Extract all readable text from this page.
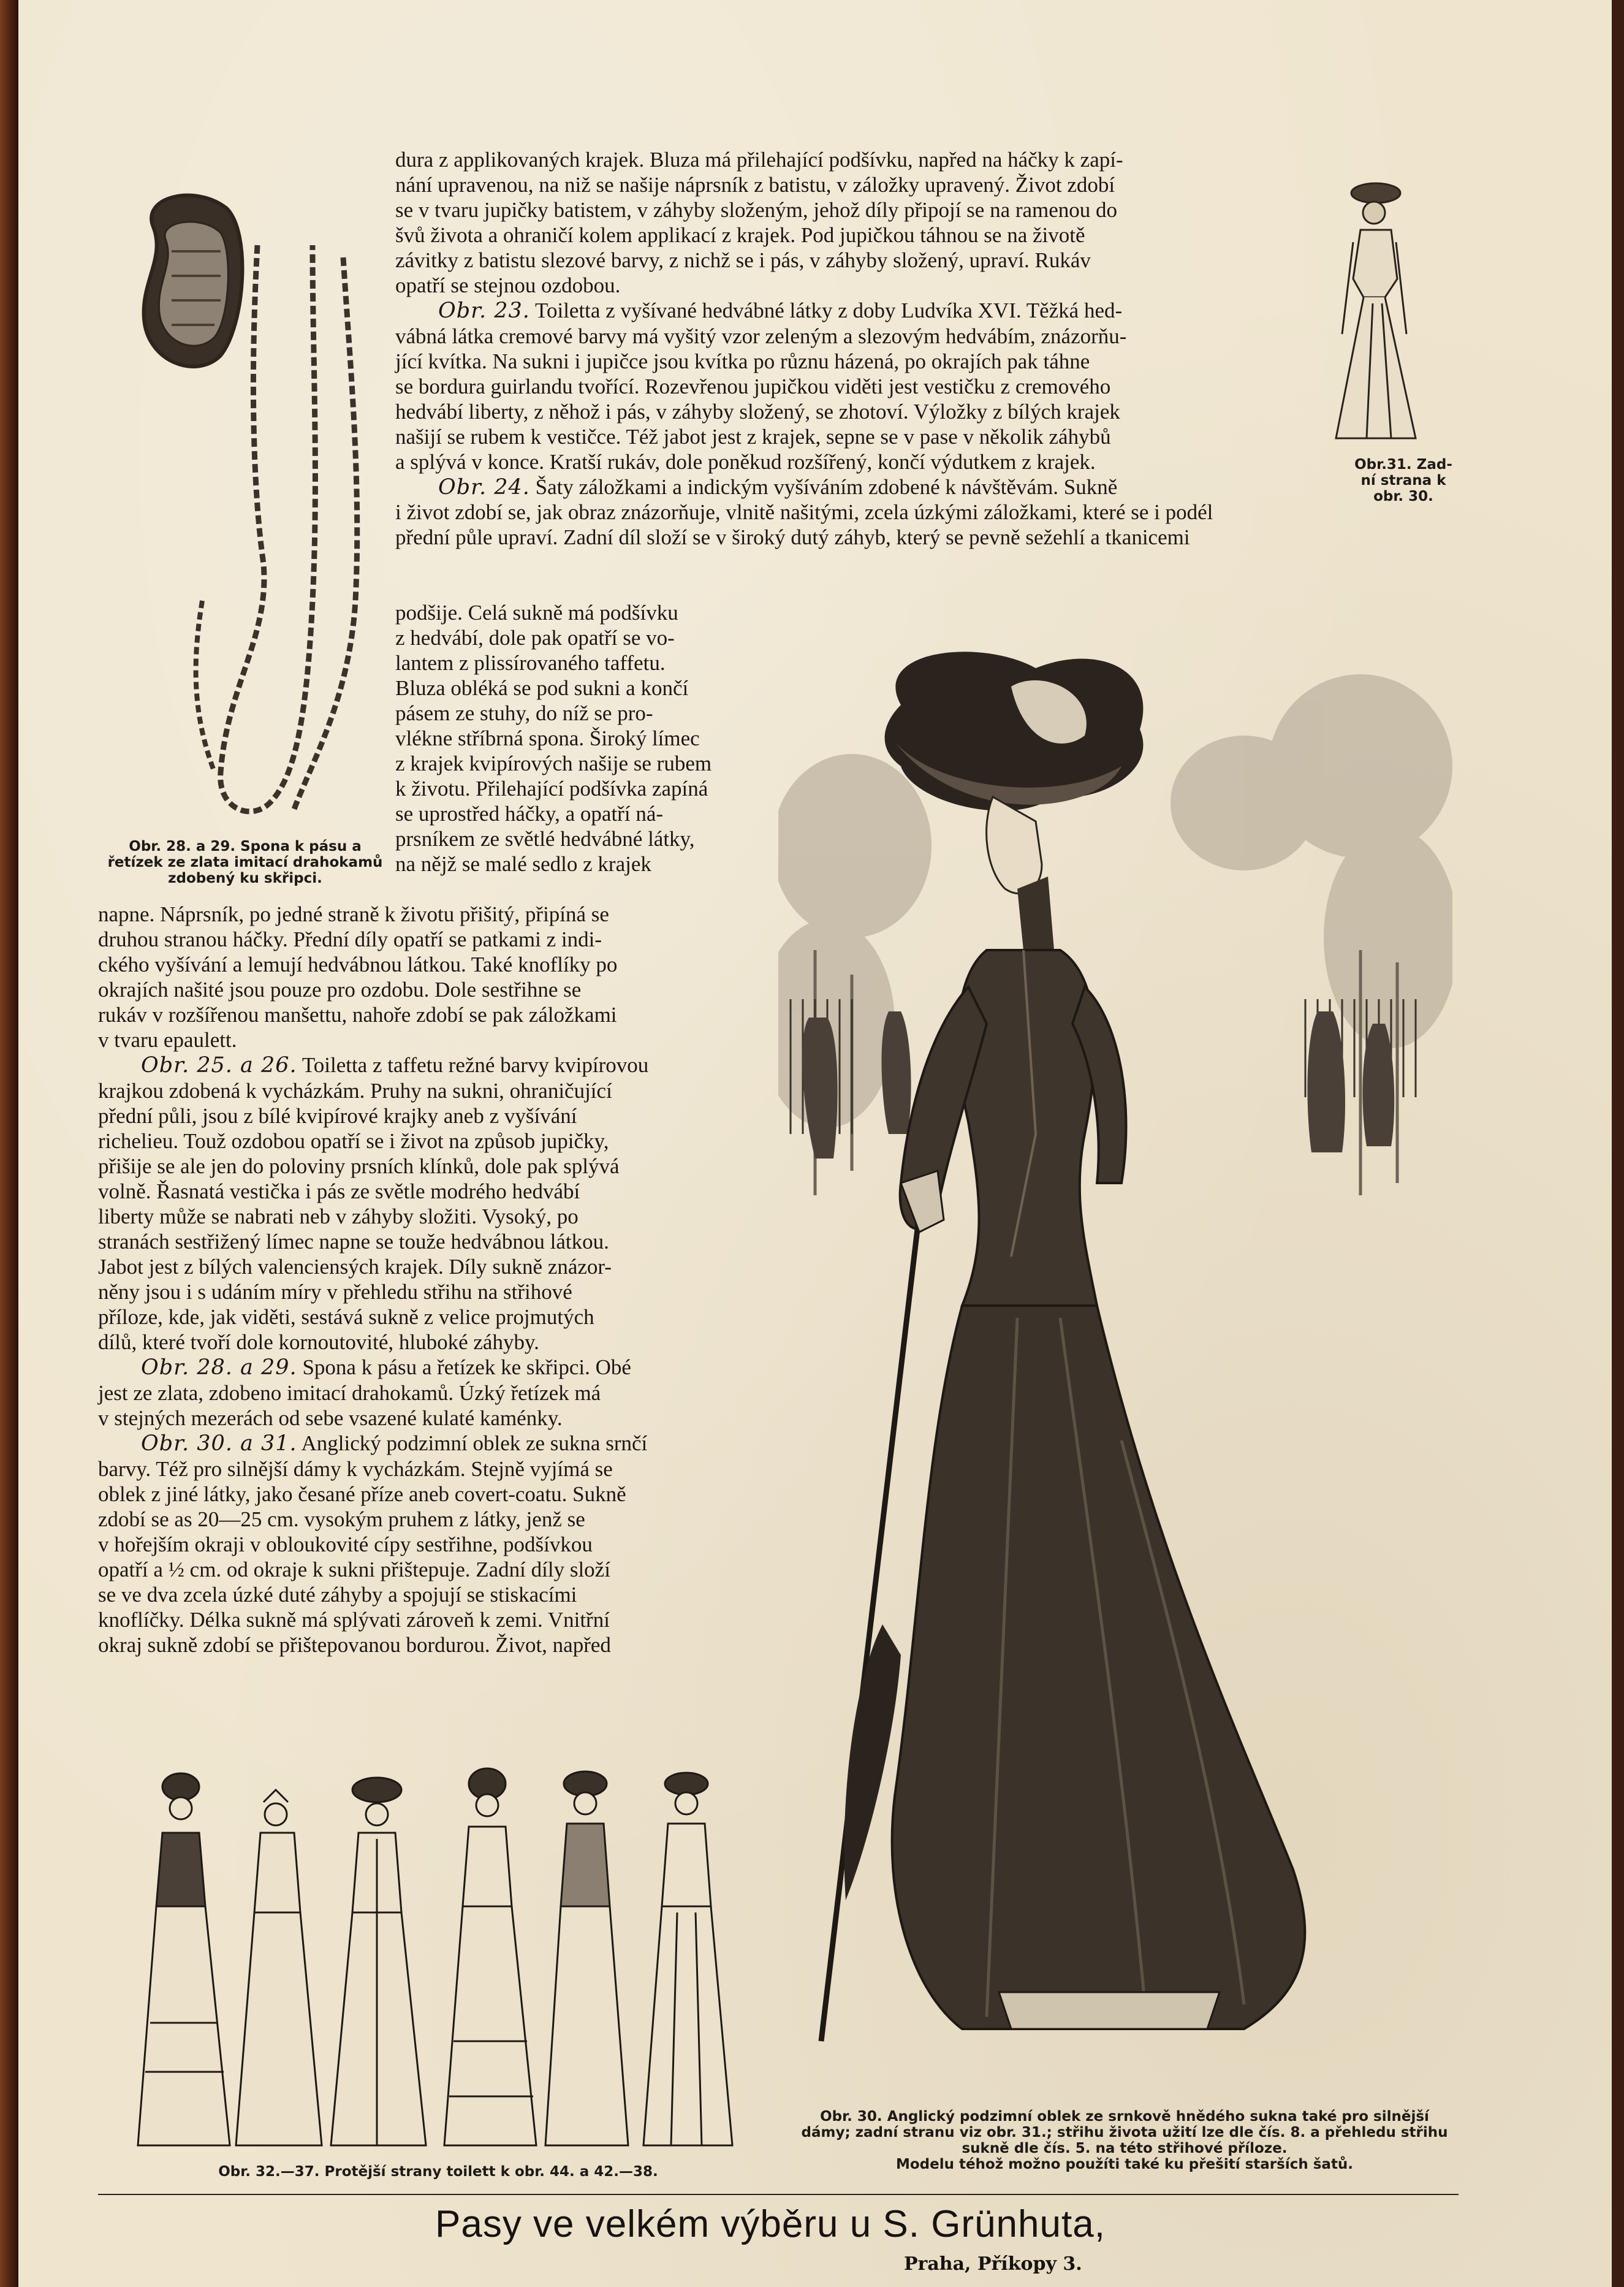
Obr. 28. a 29. Spona k pásu a

řetízek ze zlata imitací drahokamů

zdobený ku skřipci.

Obr.31. Zad-

ní strana k

obr. 30.

dura z applikovaných krajek. Bluza má přilehající podšívku, napřed na háčky k zapí-

nání upravenou, na niž se našije náprsník z batistu, v záložky upravený. Život zdobí

se v tvaru jupičky batistem, v záhyby složeným, jehož díly připojí se na ramenou do

švů života a ohraničí kolem applikací z krajek. Pod jupičkou táhnou se na životě

závitky z batistu slezové barvy, z nichž se i pás, v záhyby složený, upraví. Rukáv

opatří se stejnou ozdobou.

Obr. 23. Toiletta z vyšívané hedvábné látky z doby Ludvíka XVI. Těžká hed-

vábná látka cremové barvy má vyšitý vzor zeleným a slezovým hedvábím, znázorňu-

jící kvítka. Na sukni i jupičce jsou kvítka po různu házená, po okrajích pak táhne

se bordura guirlandu tvořící. Rozevřenou jupičkou viděti jest vestičku z cremového

hedvábí liberty, z něhož i pás, v záhyby složený, se zhotoví. Výložky z bílých krajek

našijí se rubem k vestičce. Též jabot jest z krajek, sepne se v pase v několik záhybů

a splývá v konce. Kratší rukáv, dole poněkud rozšířený, končí výdutkem z krajek.

Obr. 24. Šaty záložkami a indickým vyšíváním zdobené k návštěvám. Sukně

i život zdobí se, jak obraz znázorňuje, vlnitě našitými, zcela úzkými záložkami, které se i podél

přední půle upraví. Zadní díl složí se v široký dutý záhyb, který se pevně sežehlí a tkanicemi

podšije. Celá sukně má podšívku

z hedvábí, dole pak opatří se vo-

lantem z plissírovaného taffetu.

Bluza obléká se pod sukni a končí

pásem ze stuhy, do níž se pro-

vlékne stříbrná spona. Široký límec

z krajek kvipírových našije se rubem

k životu. Přilehající podšívka zapíná

se uprostřed háčky, a opatří ná-

prsníkem ze světlé hedvábné látky,

na nějž se malé sedlo z krajek

napne. Náprsník, po jedné straně k životu přišitý, připíná se

druhou stranou háčky. Přední díly opatří se patkami z indi-

ckého vyšívání a lemují hedvábnou látkou. Také knoflíky po

okrajích našité jsou pouze pro ozdobu. Dole sestřihne se

rukáv v rozšířenou manšettu, nahoře zdobí se pak záložkami

v tvaru epaulett.

Obr. 25. a 26. Toiletta z taffetu režné barvy kvipírovou

krajkou zdobená k vycházkám. Pruhy na sukni, ohraničující

přední půli, jsou z bílé kvipírové krajky aneb z vyšívání

richelieu. Touž ozdobou opatří se i život na způsob jupičky,

přišije se ale jen do poloviny prsních klínků, dole pak splývá

volně. Řasnatá vestička i pás ze světle modrého hedvábí

liberty může se nabrati neb v záhyby složiti. Vysoký, po

stranách sestřižený límec napne se touže hedvábnou látkou.

Jabot jest z bílých valenciensých krajek. Díly sukně znázor-

něny jsou i s udáním míry v přehledu střihu na střihové

příloze, kde, jak viděti, sestává sukně z velice projmutých

dílů, které tvoří dole kornoutovité, hluboké záhyby.

Obr. 28. a 29. Spona k pásu a řetízek ke skřipci. Obé

jest ze zlata, zdobeno imitací drahokamů. Úzký řetízek má

v stejných mezerách od sebe vsazené kulaté kaménky.

Obr. 30. a 31. Anglický podzimní oblek ze sukna srnčí

barvy. Též pro silnější dámy k vycházkám. Stejně vyjímá se

oblek z jiné látky, jako česané příze aneb covert-coatu. Sukně

zdobí se as 20—25 cm. vysokým pruhem z látky, jenž se

v hořejším okraji v obloukovité cípy sestřihne, podšívkou

opatří a ½ cm. od okraje k sukni přištepuje. Zadní díly složí

se ve dva zcela úzké duté záhyby a spojují se stiskacími

knoflíčky. Délka sukně má splývati zároveň k zemi. Vnitřní

okraj sukně zdobí se přištepovanou bordurou. Život, napřed

Obr. 32.—37. Protější strany toilett k obr. 44. a 42.—38.

Obr. 30. Anglický podzimní oblek ze srnkově hnědého sukna také pro silnější

dámy; zadní stranu viz obr. 31.; střihu života užití lze dle čís. 8. a přehledu střihu

sukně dle čís. 5. na této střihové příloze.

Modelu téhož možno použíti také ku přešití starších šatů.

Pasy ve velkém výběru u S. Grünhuta,
Praha, Příkopy 3.
